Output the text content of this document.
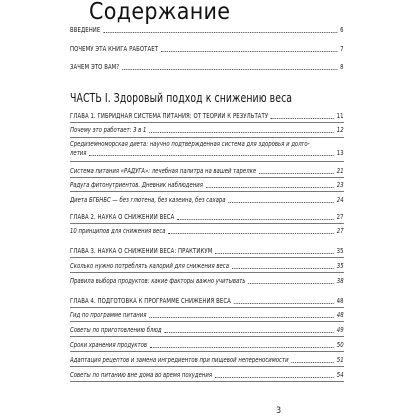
Содержание
ВВЕДЕНИЕ	6
ПОЧЕМУ ЭТА КНИГА РАБОТАЕТ	7
ЗАЧЕМ ЭТО ВАМ?	8
ЧАСТЬ I. Здоровый подход к снижению веса
ГЛАВА 1. ГИБРИДНАЯ СИСТЕМА ПИТАНИЯ: ОТ ТЕОРИИ К РЕЗУЛЬТАТУ	11
Почему это работает: 3 в 1	12
Средиземноморская диета: научно подтвержденная система для здоровья и долго-
летия	13
Система питания «РАДУГА»: лечебная палитра на вашей тарелке	21
Радуга фитонутриентов. Дневник наблюдения	23
Диета БГБНБС — без глютена, без казеина, без сахара	24
ГЛАВА 2. НАУКА О СНИЖЕНИИ ВЕСА	27
10 принципов для снижения веса	27
ГЛАВА 3. НАУКА О СНИЖЕНИИ ВЕСА: ПРАКТИКУМ	35
Сколько нужно потреблять калорий для снижения веса	35
Правила выбора продуктов: какие факторы важно учитывать	38
ГЛАВА 4. ПОДГОТОВКА К ПРОГРАММЕ СНИЖЕНИЯ ВЕСА	48
Гид по программе питания	48
Советы по приготовлению блюд	49
Сроки хранения продуктов	50
Адаптация рецептов и замена ингредиентов при пищевой непереносимости	51
Советы по питанию вне дома во время похудения	54
3
